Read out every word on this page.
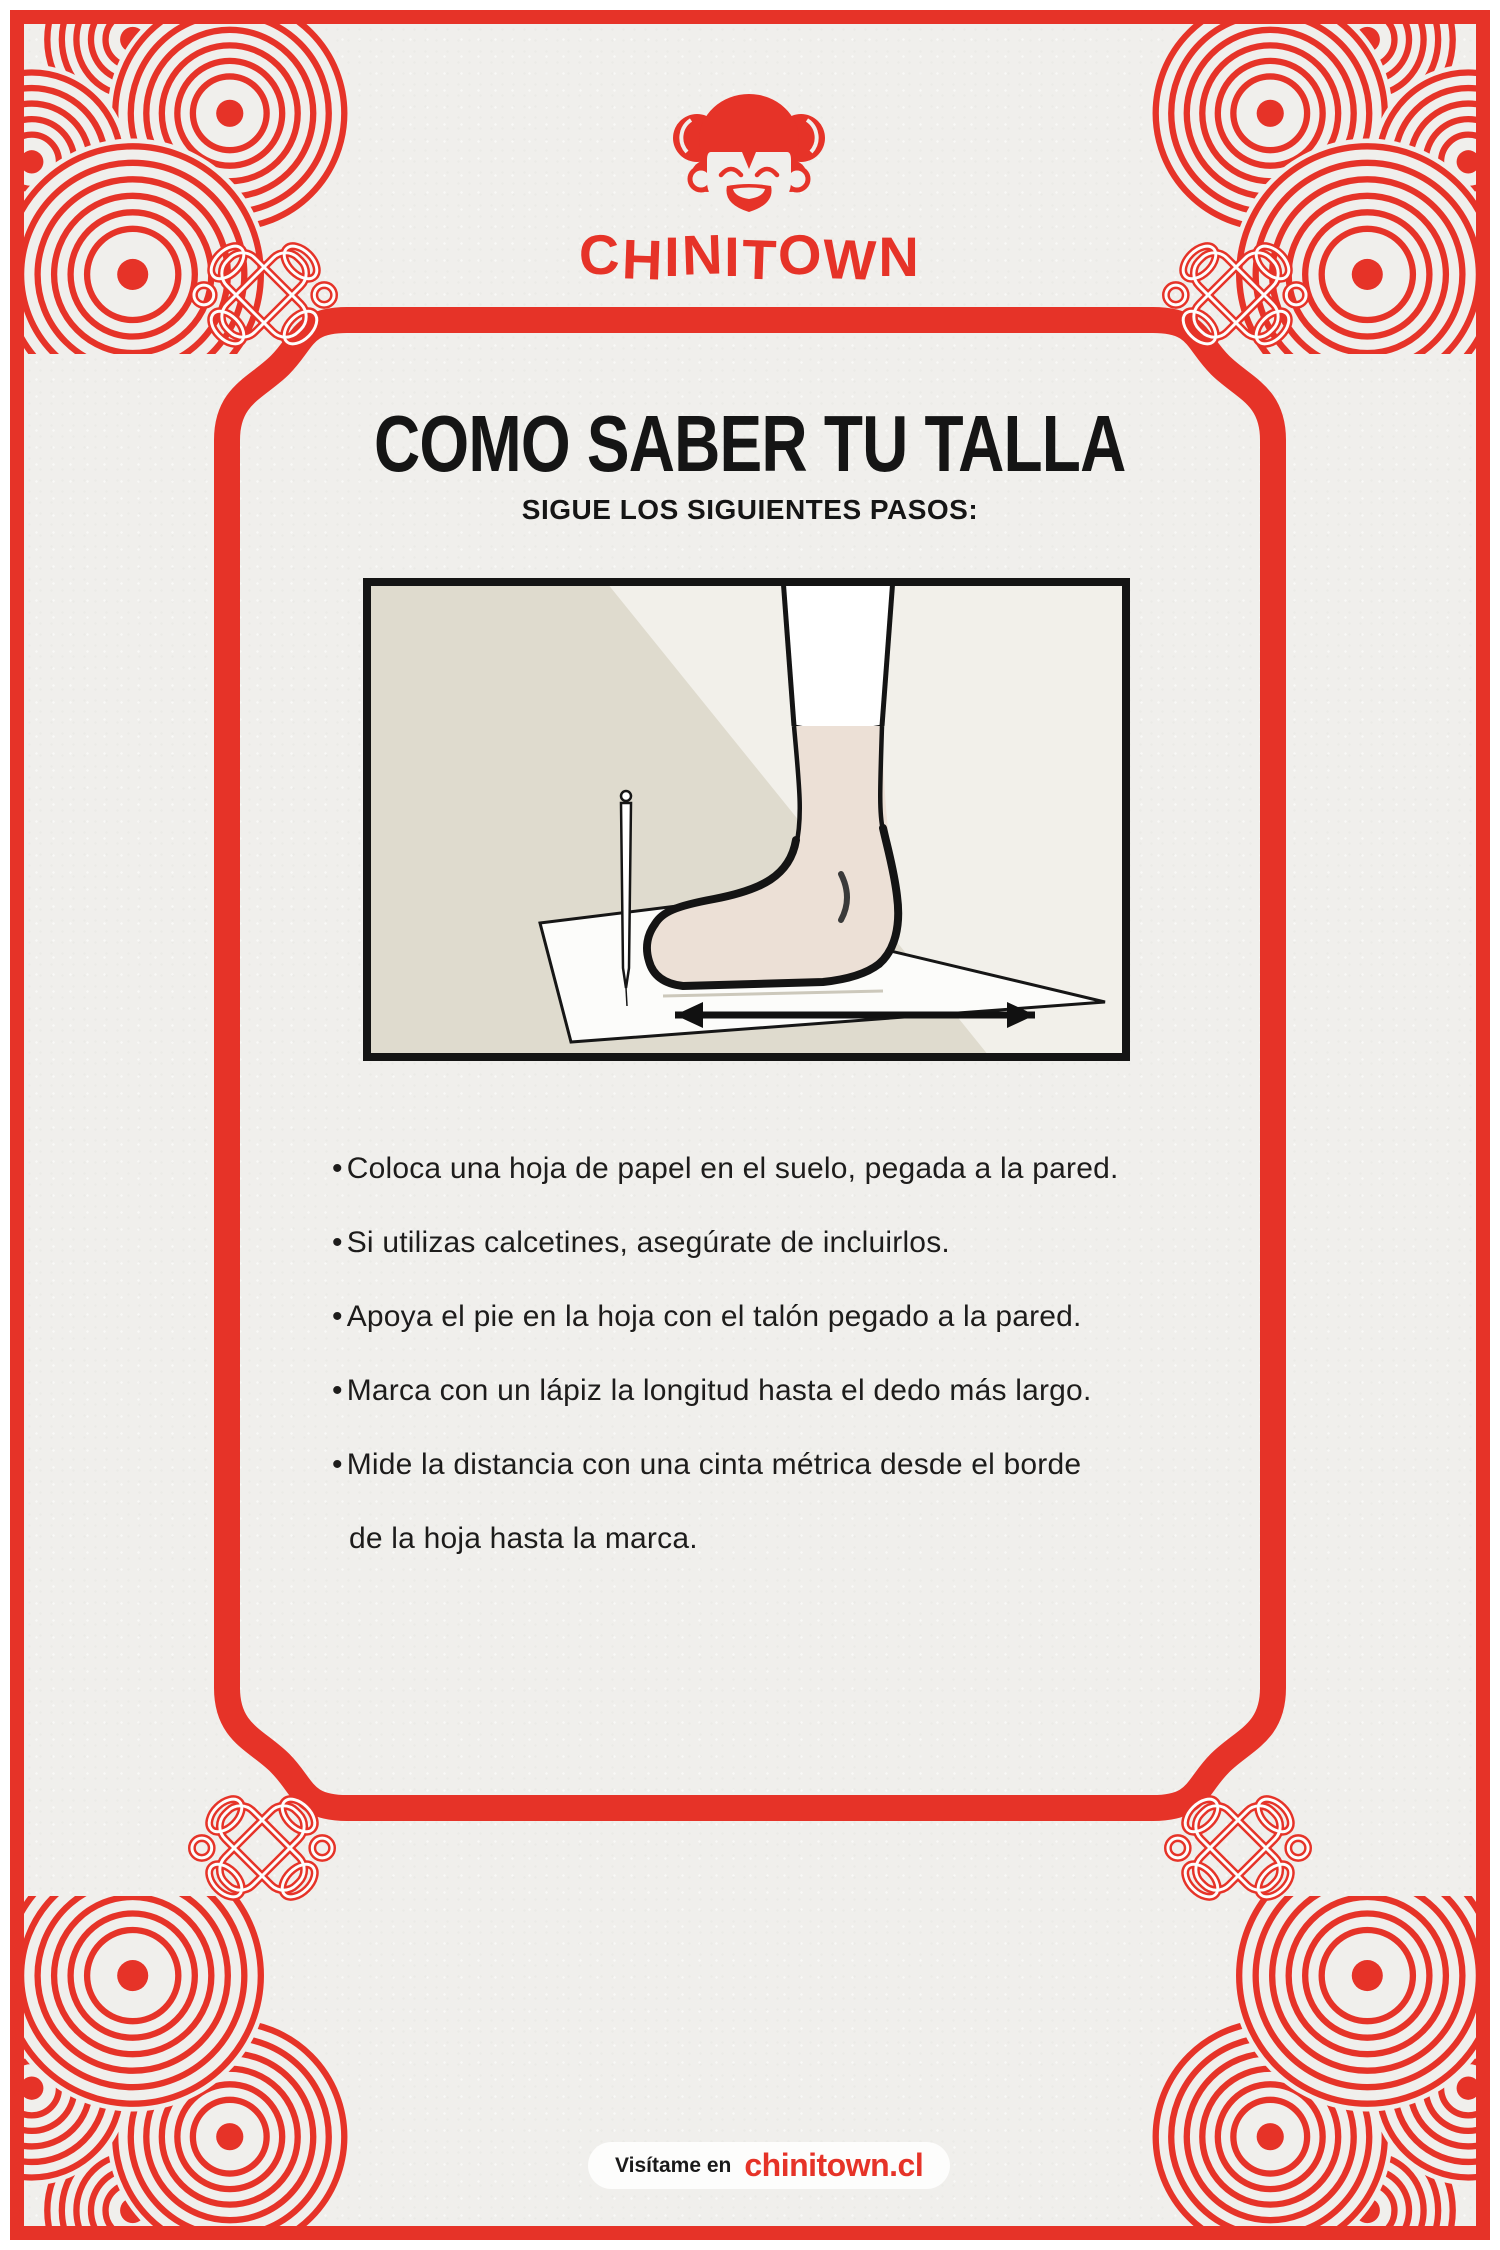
CHINITOWN
COMO SABER TU TALLA
SIGUE LOS SIGUIENTES PASOS:
• Coloca una hoja de papel en el suelo, pegada a la pared.
• Si utilizas calcetines, asegúrate de incluirlos.
• Apoya el pie en la hoja con el talón pegado a la pared.
• Marca con un lápiz la longitud hasta el dedo más largo.
• Mide la distancia con una cinta métrica desde el borde
de la hoja hasta la marca.
Visítame en chinitown.cl
